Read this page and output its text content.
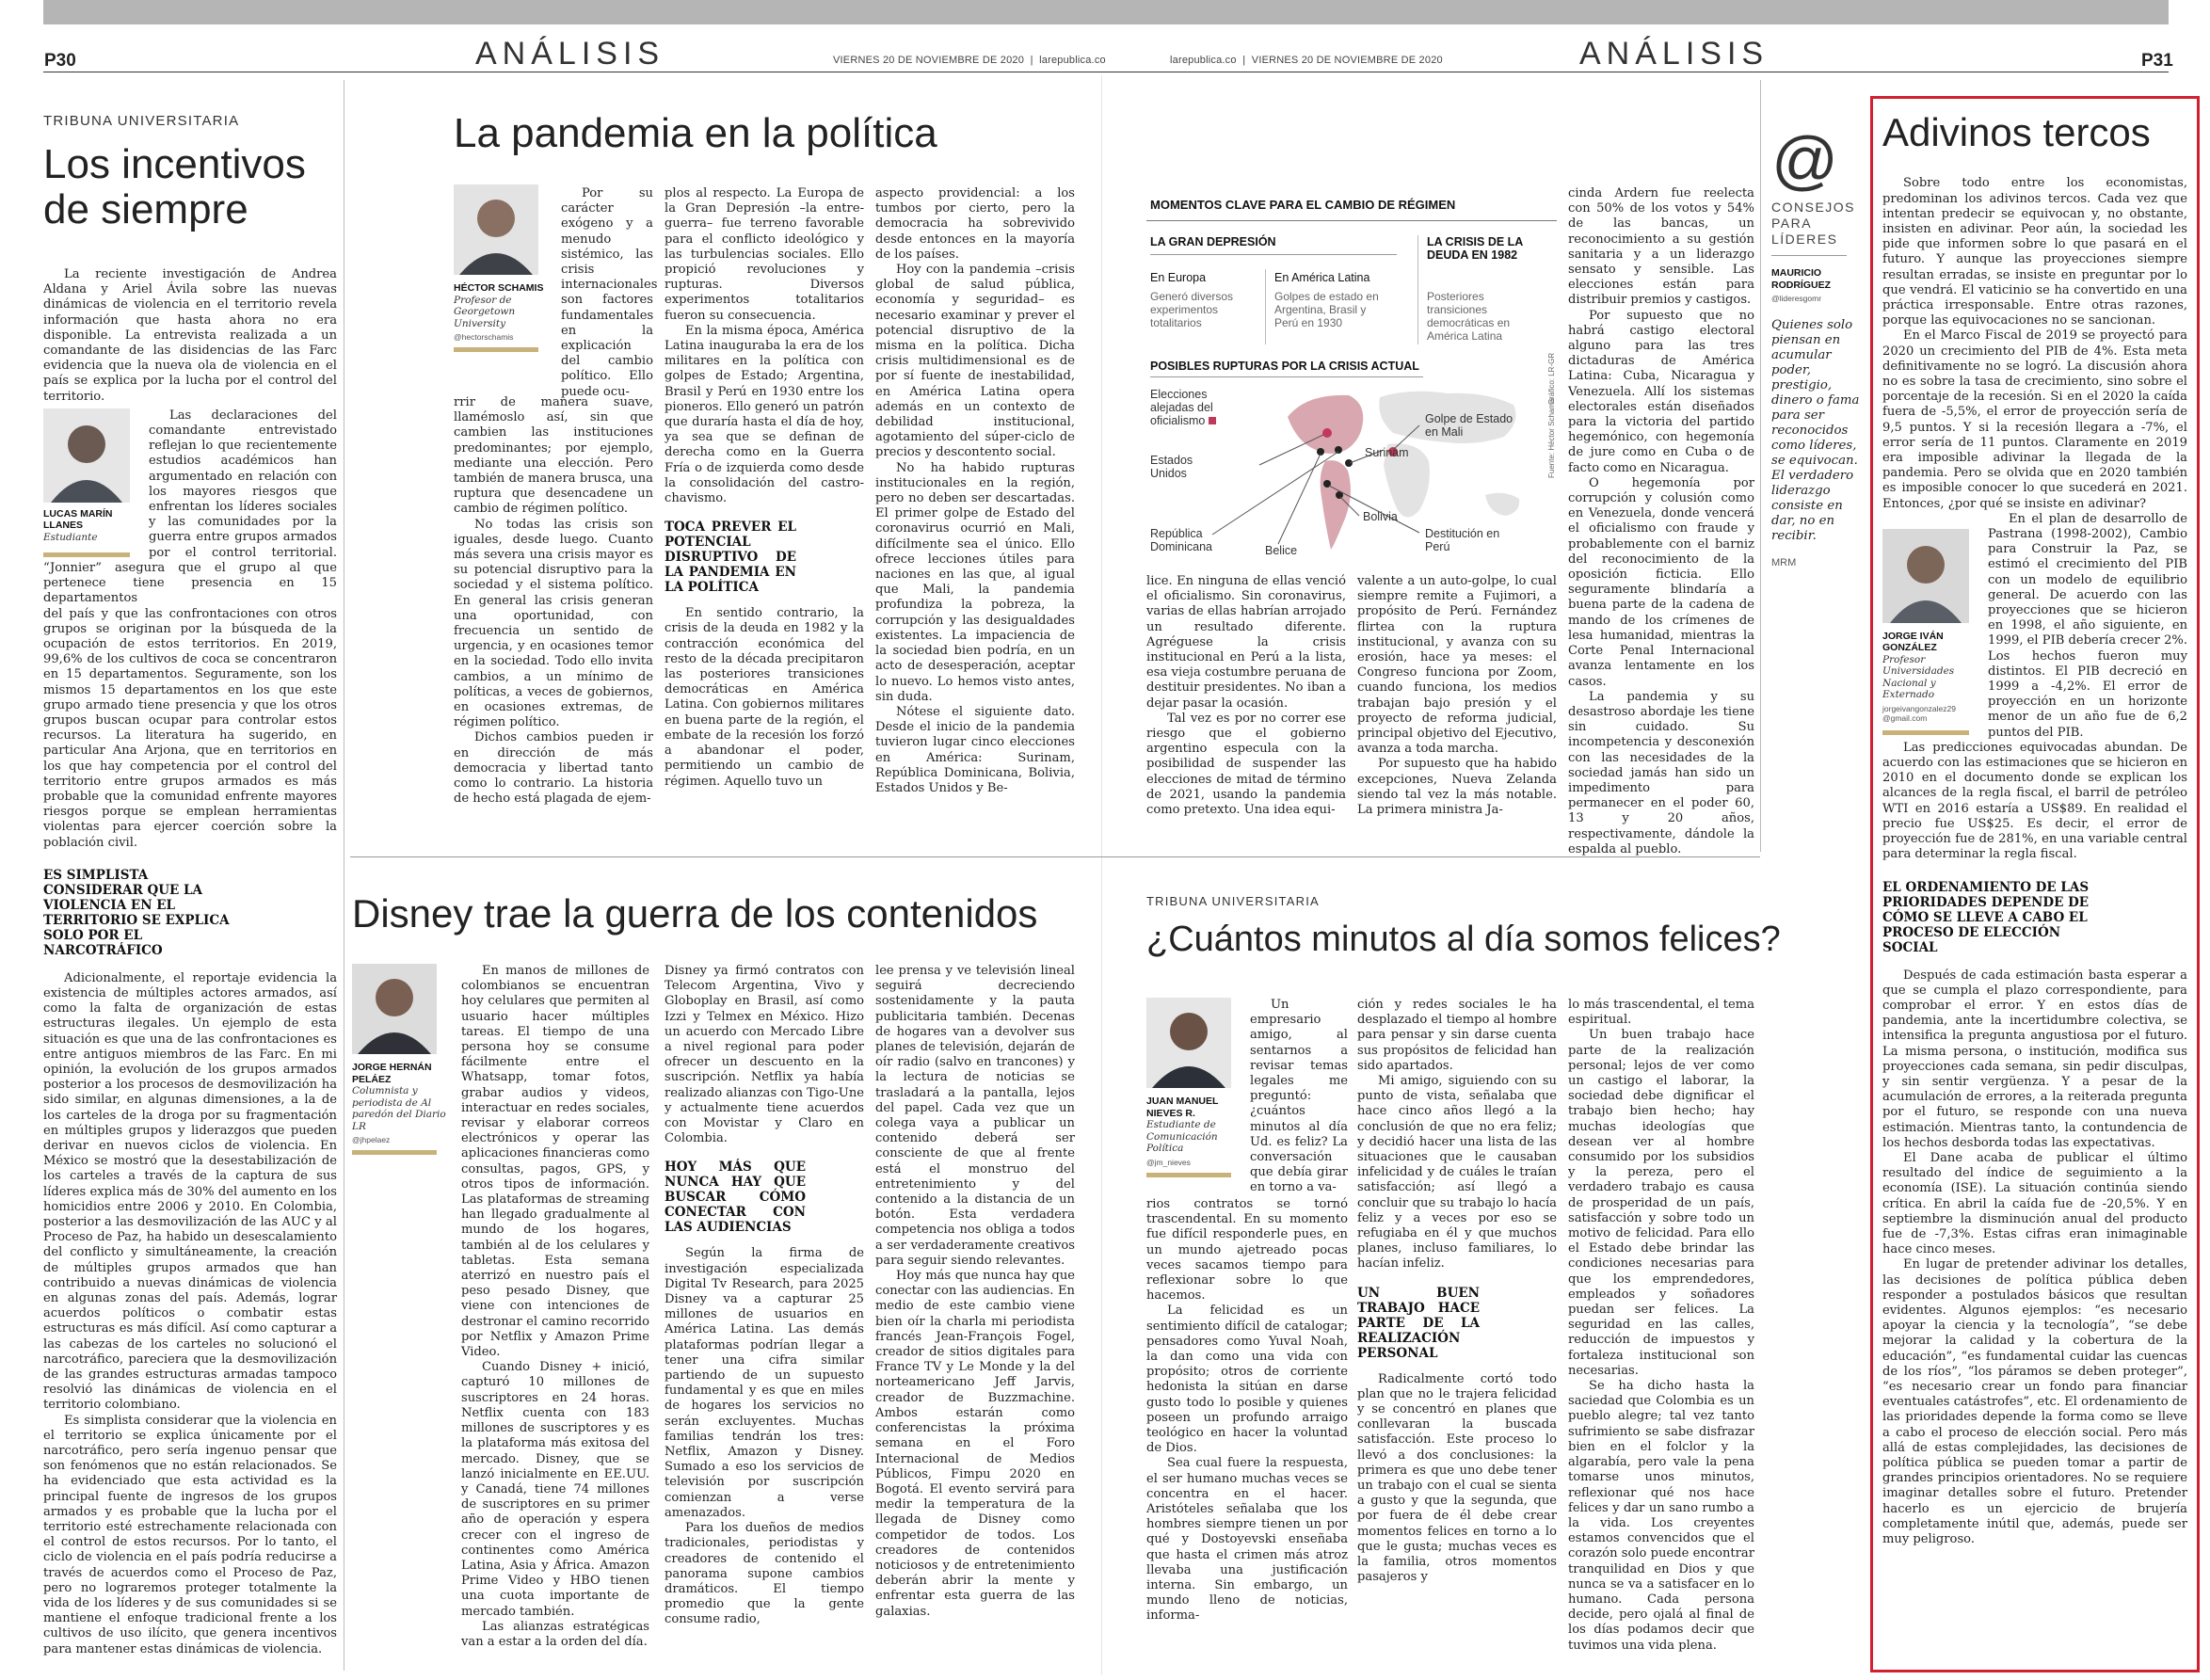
P30	ANÁLISIS	VIERNES 20 DE NOVIEMBRE DE 2020  |  larepublica.co	larepublica.co  |  VIERNES 20 DE NOVIEMBRE DE 2020	ANÁLISIS	P31
TRIBUNA UNIVERSITARIA
Los incentivos de siempre

La reciente investigación de Andrea Aldana y Ariel Ávila sobre las nuevas dinámicas de violencia en el territorio revela información que hasta ahora no era disponible. La entrevista realizada a un comandante de las disidencias de las Farc evidencia que la nueva ola de violencia en el país se explica por la lucha por el control del territorio.

LUCAS MARÍN LLANES
Estudiante

Las declaraciones del comandante entrevistado reflejan lo que recientemente estudios académicos han argumentado en relación con los mayores riesgos que enfrentan los líderes sociales y las comunidades por la guerra entre grupos armados por el control territorial. “Jonnier” asegura que el grupo al que pertenece tiene presencia en 15 departamentos

del país y que las confrontaciones con otros grupos se originan por la búsqueda de la ocupación de estos territorios. En 2019, 99,6% de los cultivos de coca se concentraron en 15 departamentos. Seguramente, son los mismos 15 departamentos en los que este grupo armado tiene presencia y que los otros grupos buscan ocupar para controlar estos recursos. La literatura ha sugerido, en particular Ana Arjona, que en territorios en los que hay competencia por el control del territorio entre grupos armados es más probable que la comunidad enfrente mayores riesgos porque se emplean herramientas violentas para ejercer coerción sobre la población civil.

ES SIMPLISTA CONSIDERAR QUE LA VIOLENCIA EN EL TERRITORIO SE EXPLICA SOLO POR EL NARCOTRÁFICO

Adicionalmente, el reportaje evidencia la existencia de múltiples actores armados, así como la falta de organización de estas estructuras ilegales. Un ejemplo de esta situación es que una de las confrontaciones es entre antiguos miembros de las Farc. En mi opinión, la evolución de los grupos armados posterior a los procesos de desmovilización ha sido similar, en algunas dimensiones, a la de los carteles de la droga por su fragmentación en múltiples grupos y liderazgos que pueden derivar en nuevos ciclos de violencia. En México se mostró que la desestabilización de los carteles a través de la captura de sus líderes explica más de 30% del aumento en los homicidios entre 2006 y 2010. En Colombia, posterior a las desmovilización de las AUC y al Proceso de Paz, ha habido un desescalamiento del conflicto y simultáneamente, la creación de múltiples grupos armados que han contribuido a nuevas dinámicas de violencia en algunas zonas del país. Además, lograr acuerdos políticos o combatir estas estructuras es más difícil. Así como capturar a las cabezas de los carteles no solucionó el narcotráfico, pareciera que la desmovilización de las grandes estructuras armadas tampoco resolvió las dinámicas de violencia en el territorio colombiano.

Es simplista considerar que la violencia en el territorio se explica únicamente por el narcotráfico, pero sería ingenuo pensar que son fenómenos que no están relacionados. Se ha evidenciado que esta actividad es la principal fuente de ingresos de los grupos armados y es probable que la lucha por el territorio esté estrechamente relacionada con el control de estos recursos. Por lo tanto, el ciclo de violencia en el país podría reducirse a través de acuerdos como el Proceso de Paz, pero no lograremos proteger totalmente la vida de los líderes y de sus comunidades si se mantiene el enfoque tradicional frente a los cultivos de uso ilícito, que genera incentivos para mantener estas dinámicas de violencia.

La pandemia en la política
HÉCTOR SCHAMIS
Profesor de Georgetown University
@hectorschamis

Por su carácter exógeno y a menudo sistémico, las crisis internacionales son factores fundamentales en la explicación del cambio político. Ello puede ocu-

rrir de manera suave, llamémoslo así, sin que cambien las instituciones predominantes; por ejemplo, mediante una elección. Pero también de manera brusca, una ruptura que desencadene un cambio de régimen político.

No todas las crisis son iguales, desde luego. Cuanto más severa una crisis mayor es su potencial disruptivo para la sociedad y el sistema político. En general las crisis generan una oportunidad, con frecuencia un sentido de urgencia, y en ocasiones temor en la sociedad. Todo ello invita cambios, a un mínimo de políticas, a veces de gobiernos, en ocasiones extremas, de régimen político.

Dichos cambios pueden ir en dirección de más democracia y libertad tanto como lo contrario. La historia de hecho está plagada de ejem-

plos al respecto. La Europa de la Gran Depresión –la entre-guerra– fue terreno favorable para el conflicto ideológico y las turbulencias sociales. Ello propició revoluciones y rupturas. Diversos experimentos totalitarios fueron su consecuencia.

En la misma época, América Latina inauguraba la era de los militares en la política con golpes de Estado; Argentina, Brasil y Perú en 1930 entre los pioneros. Ello generó un patrón que duraría hasta el día de hoy, ya sea que se definan de derecha como en la Guerra Fría o de izquierda como desde la consolidación del castro-chavismo.

TOCA PREVER EL POTENCIAL DISRUPTIVO DE LA PANDEMIA EN LA POLÍTICA

En sentido contrario, la crisis de la deuda en 1982 y la contracción económica del resto de la década precipitaron las posteriores transiciones democráticas en América Latina. Con gobiernos militares en buena parte de la región, el embate de la recesión los forzó a abandonar el poder, permitiendo un cambio de régimen. Aquello tuvo un

aspecto providencial: a los tumbos por cierto, pero la democracia ha sobrevivido desde entonces en la mayoría de los países.

Hoy con la pandemia –crisis global de salud pública, economía y seguridad– es necesario examinar y prever el potencial disruptivo de la misma en la política. Dicha crisis multidimensional es de por sí fuente de inestabilidad, en América Latina opera además en un contexto de debilidad institucional, agotamiento del súper-ciclo de precios y descontento social.

No ha habido rupturas institucionales en la región, pero no deben ser descartadas. El primer golpe de Estado del coronavirus ocurrió en Mali, difícilmente sea el único. Ello ofrece lecciones útiles para naciones en las que, al igual que Mali, la pandemia profundiza la pobreza, la corrupción y las desigualdades existentes. La impaciencia de la sociedad bien podría, en un acto de desesperación, aceptar lo nuevo. Lo hemos visto antes, sin duda.

Nótese el siguiente dato. Desde el inicio de la pandemia tuvieron lugar cinco elecciones en América: Surinam, República Dominicana, Bolivia, Estados Unidos y Be-

lice. En ninguna de ellas venció el oficialismo. Sin coronavirus, varias de ellas habrían arrojado un resultado diferente. Agréguese la crisis institucional en Perú a la lista, esa vieja costumbre peruana de destituir presidentes. No iban a dejar pasar la ocasión.

Tal vez es por no correr ese riesgo que el gobierno argentino especula con la posibilidad de suspender las elecciones de mitad de término de 2021, usando la pandemia como pretexto. Una idea equi-

valente a un auto-golpe, lo cual siempre remite a Fujimori, a propósito de Perú. Fernández flirtea con la ruptura institucional, y avanza con su erosión, hace ya meses: el Congreso funciona por Zoom, cuando funciona, los medios trabajan bajo presión y el proyecto de reforma judicial, principal objetivo del Ejecutivo, avanza a toda marcha.

Por supuesto que ha habido excepciones, Nueva Zelanda siendo tal vez la más notable. La primera ministra Ja-

cinda Ardern fue reelecta con 50% de los votos y 54% de las bancas, un reconocimiento a su gestión sanitaria y a un liderazgo sensato y sensible. Las elecciones están para distribuir premios y castigos.

Por supuesto que no habrá castigo electoral alguno para las tres dictaduras de América Latina: Cuba, Nicaragua y Venezuela. Allí los sistemas electorales están diseñados para la victoria del partido hegemónico, con hegemonía de jure como en Cuba o de facto como en Nicaragua.

O hegemonía por corrupción y colusión como en Venezuela, donde vencerá el oficialismo con fraude y probablemente con el barniz del reconocimiento de la oposición ficticia. Ello seguramente blindaría a buena parte de la cadena de mando de los crímenes de lesa humanidad, mientras la Corte Penal Internacional avanza lentamente en los casos.

La pandemia y su desastroso abordaje les tiene sin cuidado. Su incompetencia y desconexión con las necesidades de la sociedad jamás han sido un impedimento para permanecer en el poder 60, 13 y 20 años, respectivamente, dándole la espalda al pueblo.

MOMENTOS CLAVE PARA EL CAMBIO DE RÉGIMEN
LA GRAN DEPRESIÓN	LA CRISIS DE LA DEUDA EN 1982
En Europa
Generó diversos experimentos totalitarios
En América Latina
Golpes de estado en Argentina, Brasil y Perú en 1930
Posteriores transiciones democráticas en América Latina
POSIBLES RUPTURAS POR LA CRISIS ACTUAL
Elecciones alejadas del oficialismo
Estados Unidos
Surinam
Golpe de Estado en Mali
República Dominicana	Belice
Bolivia
Destitución en Perú
Fuente: Héctor Schamis
Gráfico: LR-GR
@
CONSEJOS PARA LÍDERES
MAURICIO RODRÍGUEZ
@lideresgomr
Quienes solo piensan en acumular poder, prestigio, dinero o fama para ser reconocidos como líderes, se equivocan. El verdadero liderazgo consiste en dar, no en recibir.
MRM
Disney trae la guerra de los contenidos
JORGE HERNÁN PELÁEZ
Columnista y periodista de Al paredón del Diario LR
@jhpelaez

En manos de millones de colombianos se encuentran hoy celulares que permiten al usuario hacer múltiples tareas. El tiempo de una persona hoy se consume fácilmente entre el Whatsapp, tomar fotos, grabar audios y videos, interactuar en redes sociales, revisar y elaborar correos electrónicos y operar las aplicaciones financieras como consultas, pagos, GPS, y otros tipos de información. Las plataformas de streaming han llegado gradualmente al mundo de los hogares, también al de los celulares y tabletas. Esta semana aterrizó en nuestro país el peso pesado Disney, que viene con intenciones de destronar el camino recorrido por Netflix y Amazon Prime Video.

Cuando Disney + inició, capturó 10 millones de suscriptores en 24 horas. Netflix cuenta con 183 millones de suscriptores y es la plataforma más exitosa del mercado. Disney, que se lanzó inicialmente en EE.UU. y Canadá, tiene 74 millones de suscriptores en su primer año de operación y espera crecer con el ingreso de continentes como América Latina, Asia y África. Amazon Prime Video y HBO tienen una cuota importante de mercado también.

Las alianzas estratégicas van a estar a la orden del día.

Disney ya firmó contratos con Telecom Argentina, Vivo y Globoplay en Brasil, así como Izzi y Telmex en México. Hizo un acuerdo con Mercado Libre a nivel regional para poder ofrecer un descuento en la suscripción. Netflix ya había realizado alianzas con Tigo-Une y actualmente tiene acuerdos con Movistar y Claro en Colombia.

HOY MÁS QUE NUNCA HAY QUE BUSCAR CÓMO CONECTAR CON LAS AUDIENCIAS

Según la firma de investigación especializada Digital Tv Research, para 2025 Disney va a capturar 25 millones de usuarios en América Latina. Las demás plataformas podrían llegar a tener una cifra similar partiendo de un supuesto fundamental y es que en miles de hogares los servicios no serán excluyentes. Muchas familias tendrán los tres: Netflix, Amazon y Disney. Sumado a eso los servicios de televisión por suscripción comienzan a verse amenazados.

Para los dueños de medios tradicionales, periodistas y creadores de contenido el panorama supone cambios dramáticos. El tiempo promedio que la gente consume radio,

lee prensa y ve televisión lineal seguirá decreciendo sostenidamente y la pauta publicitaria también. Decenas de hogares van a devolver sus planes de televisión, dejarán de oír radio (salvo en trancones) y la lectura de noticias se trasladará a la pantalla, lejos del papel. Cada vez que un colega vaya a publicar un contenido deberá ser consciente de que al frente está el monstruo del entretenimiento y del contenido a la distancia de un botón. Esta verdadera competencia nos obliga a todos a ser verdaderamente creativos para seguir siendo relevantes.

Hoy más que nunca hay que conectar con las audiencias. En medio de este cambio viene bien oír la charla mi periodista francés Jean-François Fogel, creador de sitios digitales para France TV y Le Monde y la del norteamericano Jeff Jarvis, creador de Buzzmachine. Ambos estarán como conferencistas la próxima semana en el Foro Internacional de Medios Públicos, Fimpu 2020 en Bogotá. El evento servirá para medir la temperatura de la llegada de Disney como competidor de todos. Los creadores de contenidos noticiosos y de entretenimiento deberán abrir la mente y enfrentar esta guerra de las galaxias.

TRIBUNA UNIVERSITARIA
¿Cuántos minutos al día somos felices?
JUAN MANUEL NIEVES R.
Estudiante de Comunicación Política
@jm_nieves

Un empresario amigo, al sentarnos a revisar temas legales me preguntó: ¿cuántos minutos al día Ud. es feliz? La conversación que debía girar en torno a va-

rios contratos se tornó trascendental. En su momento fue difícil responderle pues, en un mundo ajetreado pocas veces sacamos tiempo para reflexionar sobre lo que hacemos.

La felicidad es un sentimiento difícil de catalogar; pensadores como Yuval Noah, la dan como una vida con propósito; otros de corriente hedonista la sitúan en darse gusto todo lo posible y quienes poseen un profundo arraigo teológico en hacer la voluntad de Dios.

Sea cual fuere la respuesta, el ser humano muchas veces se concentra en el hacer. Aristóteles señalaba que los hombres siempre tienen un por qué y Dostoyevski enseñaba que hasta el crimen más atroz llevaba una justificación interna. Sin embargo, un mundo lleno de noticias, informa-

ción y redes sociales le ha desplazado el tiempo al hombre para pensar y sin darse cuenta sus propósitos de felicidad han sido apartados.

Mi amigo, siguiendo con su punto de vista, señalaba que hace cinco años llegó a la conclusión de que no era feliz; y decidió hacer una lista de las situaciones que le causaban infelicidad y de cuáles le traían satisfacción; así llegó a concluir que su trabajo lo hacía feliz y a veces por eso se refugiaba en él y que muchos planes, incluso familiares, lo hacían infeliz.

UN BUEN TRABAJO HACE PARTE DE LA REALIZACIÓN PERSONAL

Radicalmente cortó todo plan que no le trajera felicidad y se concentró en planes que conllevaran la buscada satisfacción. Este proceso lo llevó a dos conclusiones: la primera es que uno debe tener un trabajo con el cual se sienta a gusto y que la segunda, que por fuera de él debe crear momentos felices en torno a lo que le gusta; muchas veces es la familia, otros momentos pasajeros y

lo más trascendental, el tema espiritual.

Un buen trabajo hace parte de la realización personal; lejos de ver como un castigo el laborar, la sociedad debe dignificar el trabajo bien hecho; hay muchas ideologías que desean ver al hombre consumido por los subsidios y la pereza, pero el verdadero trabajo es causa de prosperidad de un país, satisfacción y sobre todo un motivo de felicidad. Para ello el Estado debe brindar las condiciones necesarias para que los emprendedores, empleados y soñadores puedan ser felices. La seguridad en las calles, reducción de impuestos y fortaleza institucional son necesarias.

Se ha dicho hasta la saciedad que Colombia es un pueblo alegre; tal vez tanto sufrimiento se sabe disfrazar bien en el folclor y la algarabía, pero vale la pena tomarse unos minutos, reflexionar qué nos hace felices y dar un sano rumbo a la vida. Los creyentes estamos convencidos que el corazón solo puede encontrar tranquilidad en Dios y que nunca se va a satisfacer en lo humano. Cada persona decide, pero ojalá al final de los días podamos decir que tuvimos una vida plena.

Adivinos tercos

Sobre todo entre los economistas, predominan los adivinos tercos. Cada vez que intentan predecir se equivocan y, no obstante, insisten en adivinar. Peor aún, la sociedad les pide que informen sobre lo que pasará en el futuro. Y aunque las proyecciones siempre resultan erradas, se insiste en preguntar por lo que vendrá. El vaticinio se ha convertido en una práctica irresponsable. Entre otras razones, porque las equivocaciones no se sancionan.

En el Marco Fiscal de 2019 se proyectó para 2020 un crecimiento del PIB de 4%. Esta meta definitivamente no se logró. La discusión ahora no es sobre la tasa de crecimiento, sino sobre el porcentaje de la recesión. Si en el 2020 la caída fuera de -5,5%, el error de proyección sería de 9,5 puntos. Y si la recesión llegara a -7%, el error sería de 11 puntos. Claramente en 2019 era imposible adivinar la llegada de la pandemia. Pero se olvida que en 2020 también es imposible conocer lo que sucederá en 2021. Entonces, ¿por qué se insiste en adivinar?

JORGE IVÁN GONZÁLEZ
Profesor Universidades Nacional y Externado
jorgeivangonzalez29 @gmail.com

En el plan de desarrollo de Pastrana (1998-2002), Cambio para Construir la Paz, se estimó el crecimiento del PIB con un modelo de equilibrio general. De acuerdo con las proyecciones que se hicieron en 1998, el año siguiente, en 1999, el PIB debería crecer 2%. Los hechos fueron muy distintos. El PIB decreció en 1999 a -4,2%. El error de proyección en un horizonte menor de un año fue de 6,2 puntos del PIB.

Las predicciones equivocadas abundan. De acuerdo con las estimaciones que se hicieron en 2010 en el documento donde se explican los alcances de la regla fiscal, el barril de petróleo WTI en 2016 estaría a US$89. En realidad el precio fue US$25. Es decir, el error de proyección fue de 281%, en una variable central para determinar la regla fiscal.

EL ORDENAMIENTO DE LAS PRIORIDADES DEPENDE DE CÓMO SE LLEVE A CABO EL PROCESO DE ELECCIÓN SOCIAL

Después de cada estimación basta esperar a que se cumpla el plazo correspondiente, para comprobar el error. Y en estos días de pandemia, ante la incertidumbre colectiva, se intensifica la pregunta angustiosa por el futuro. La misma persona, o institución, modifica sus proyecciones cada semana, sin pedir disculpas, y sin sentir vergüenza. Y a pesar de la acumulación de errores, a la reiterada pregunta por el futuro, se responde con una nueva estimación. Mientras tanto, la contundencia de los hechos desborda todas las expectativas.

El Dane acaba de publicar el último resultado del índice de seguimiento a la economía (ISE). La situación continúa siendo crítica. En abril la caída fue de -20,5%. Y en septiembre la disminución anual del producto fue de -7,3%. Estas cifras eran inimaginable hace cinco meses.

En lugar de pretender adivinar los detalles, las decisiones de política pública deben responder a postulados básicos que resultan evidentes. Algunos ejemplos: “es necesario apoyar la ciencia y la tecnología”, “se debe mejorar la calidad y la cobertura de la educación”, “es fundamental cuidar las cuencas de los ríos”, “los páramos se deben proteger”, “es necesario crear un fondo para financiar eventuales catástrofes”, etc. El ordenamiento de las prioridades depende la forma como se lleve a cabo el proceso de elección social. Pero más allá de estas complejidades, las decisiones de política pública se pueden tomar a partir de grandes principios orientadores. No se requiere imaginar detalles sobre el futuro. Pretender hacerlo es un ejercicio de brujería completamente inútil que, además, puede ser muy peligroso.
